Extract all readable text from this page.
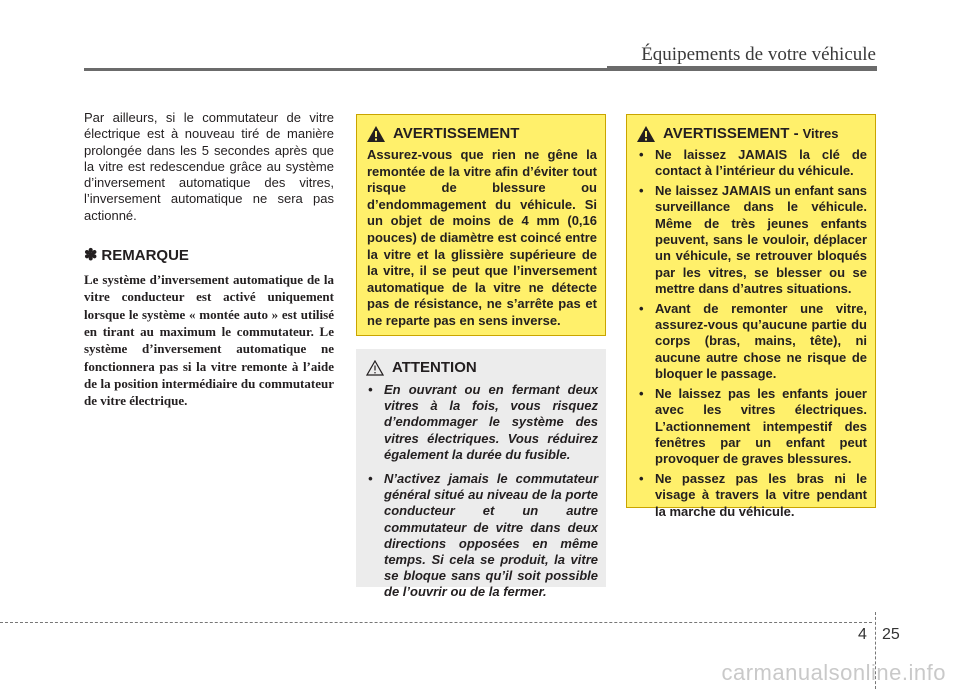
Équipements de votre véhicule

Par ailleurs, si le commutateur de vitre électrique est à nouveau tiré de manière prolongée dans les 5 secondes après que la vitre est redescendue grâce au système d’inversement automatique des vitres, l’inversement automatique ne sera pas actionné.

✽ REMARQUE

Le système d’inversement automatique de la vitre conducteur est activé uniquement lorsque le système « montée auto » est utilisé en tirant au maximum le commutateur. Le système d’inversement automatique ne fonctionnera pas si la vitre remonte à l’aide de la position intermédiaire du commutateur de vitre électrique.

AVERTISSEMENT

Assurez-vous que rien ne gêne la remontée de la vitre afin d’éviter tout risque de blessure ou d’endommagement du véhicule. Si un objet de moins de 4 mm (0,16 pouces) de diamètre est coincé entre la vitre et la glissière supérieure de la vitre, il se peut que l’inversement automatique de la vitre ne détecte pas de résistance, ne s’arrête pas et ne reparte pas en sens inverse.

ATTENTION
• En ouvrant ou en fermant deux vitres à la fois, vous risquez d’endommager le système des vitres électriques. Vous réduirez également la durée du fusible.
• N’activez jamais le commutateur général situé au niveau de la porte conducteur et un autre commutateur de vitre dans deux directions opposées en même temps. Si cela se produit, la vitre se bloque sans qu’il soit possible de l’ouvrir ou de la fermer.
AVERTISSEMENT - Vitres
• Ne laissez JAMAIS la clé de contact à l’intérieur du véhicule.
• Ne laissez JAMAIS un enfant sans surveillance dans le véhicule. Même de très jeunes enfants peuvent, sans le vouloir, déplacer un véhicule, se retrouver bloqués par les vitres, se blesser ou se mettre dans d’autres situations.
• Avant de remonter une vitre, assurez-vous qu’aucune partie du corps (bras, mains, tête), ni aucune autre chose ne risque de bloquer le passage.
• Ne laissez pas les enfants jouer avec les vitres électriques. L’actionnement intempestif des fenêtres par un enfant peut provoquer de graves blessures.
• Ne passez pas les bras ni le visage à travers la vitre pendant la marche du véhicule.
4 25
carmanualsonline.info
